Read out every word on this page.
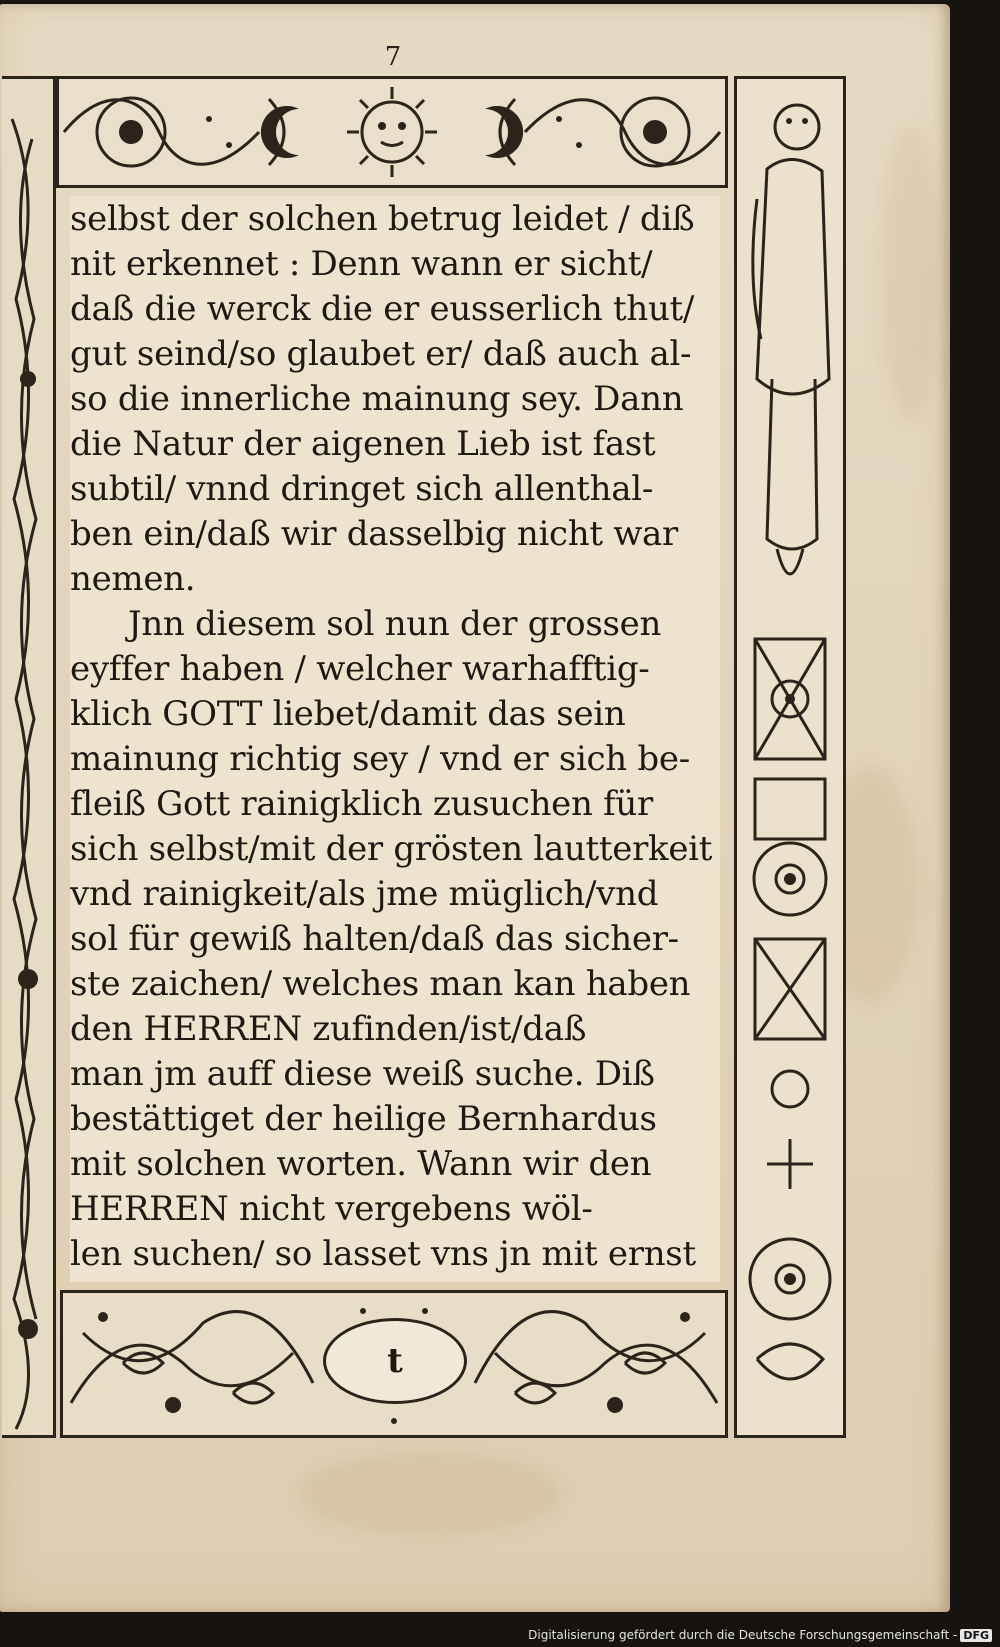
7
selbst der solchen betrug leidet / diß
nit erkennet : Denn wann er sicht/
daß die werck die er eusserlich thut/
gut seind/so glaubet er/ daß auch al-
so die innerliche mainung sey. Dann
die Natur der aigenen Lieb ist fast
subtil/ vnnd dringet sich allenthal-
ben ein/daß wir dasselbig nicht war
nemen.
Jnn diesem sol nun der grossen
eyffer haben / welcher warhafftig-
klich GOTT liebet/damit das sein
mainung richtig sey / vnd er sich be-
fleiß Gott rainigklich zusuchen für
sich selbst/mit der grösten lautterkeit
vnd rainigkeit/als jme müglich/vnd
sol für gewiß halten/daß das sicher-
ste zaichen/ welches man kan haben
den HERREN zufinden/ist/daß
man jm auff diese weiß suche. Diß
bestättiget der heilige Bernhardus
mit solchen worten. Wann wir den
HERREN nicht vergebens wöl-
len suchen/ so lasset vns jn mit ernst
t
Digitalisierung gefördert durch die Deutsche Forschungsgemeinschaft - DFG
